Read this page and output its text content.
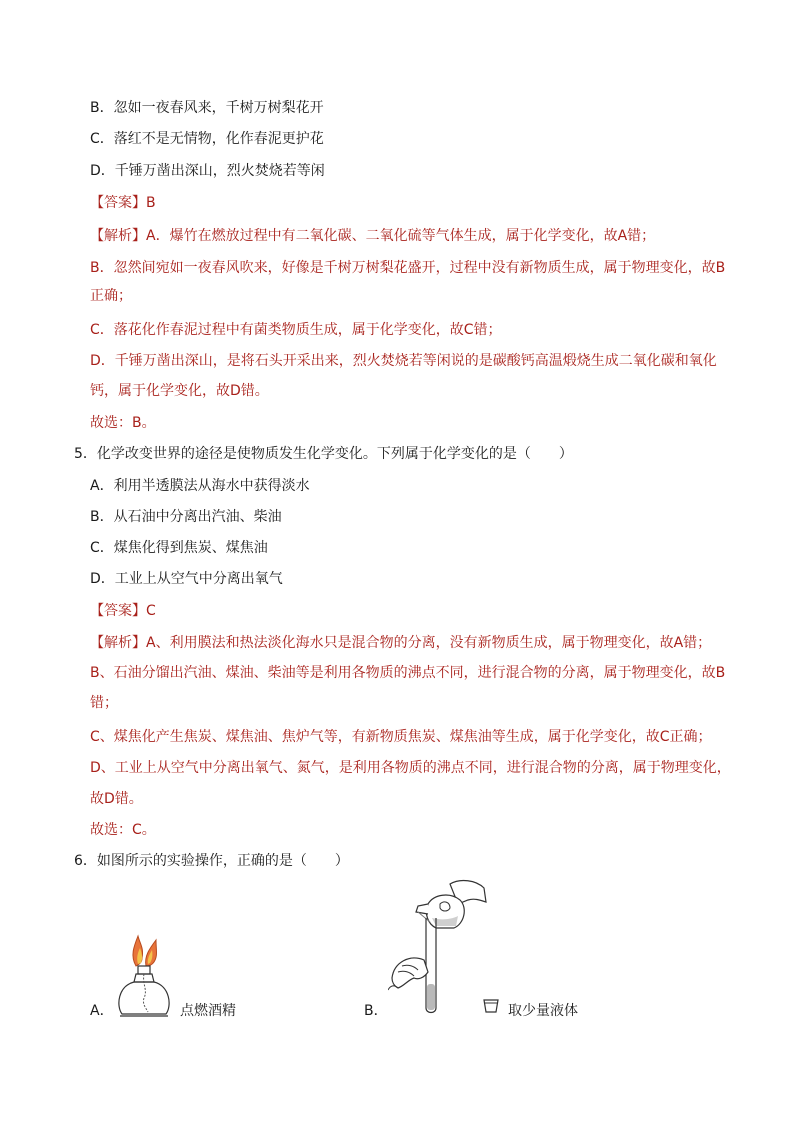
B．忽如一夜春风来，千树万树梨花开
C．落红不是无情物，化作春泥更护花
D．千锤万凿出深山，烈火焚烧若等闲
【答案】B
【解析】A．爆竹在燃放过程中有二氧化碳、二氧化硫等气体生成，属于化学变化，故A错；
B．忽然间宛如一夜春风吹来，好像是千树万树梨花盛开，过程中没有新物质生成，属于物理变化，故B
正确；
C．落花化作春泥过程中有菌类物质生成，属于化学变化，故C错；
D．千锤万凿出深山，是将石头开采出来，烈火焚烧若等闲说的是碳酸钙高温煅烧生成二氧化碳和氧化
钙，属于化学变化，故D错。
故选：B。
5．化学改变世界的途径是使物质发生化学变化。下列属于化学变化的是（　　）
A．利用半透膜法从海水中获得淡水
B．从石油中分离出汽油、柴油
C．煤焦化得到焦炭、煤焦油
D．工业上从空气中分离出氧气
【答案】C
【解析】A、利用膜法和热法淡化海水只是混合物的分离，没有新物质生成，属于物理变化，故A错；
B、石油分馏出汽油、煤油、柴油等是利用各物质的沸点不同，进行混合物的分离，属于物理变化，故B
错；
C、煤焦化产生焦炭、煤焦油、焦炉气等，有新物质焦炭、煤焦油等生成，属于化学变化，故C正确；
D、工业上从空气中分离出氧气、氮气，是利用各物质的沸点不同，进行混合物的分离，属于物理变化，
故D错。
故选：C。
6．如图所示的实验操作，正确的是（　　）
A．	点燃酒精	B．	取少量液体
